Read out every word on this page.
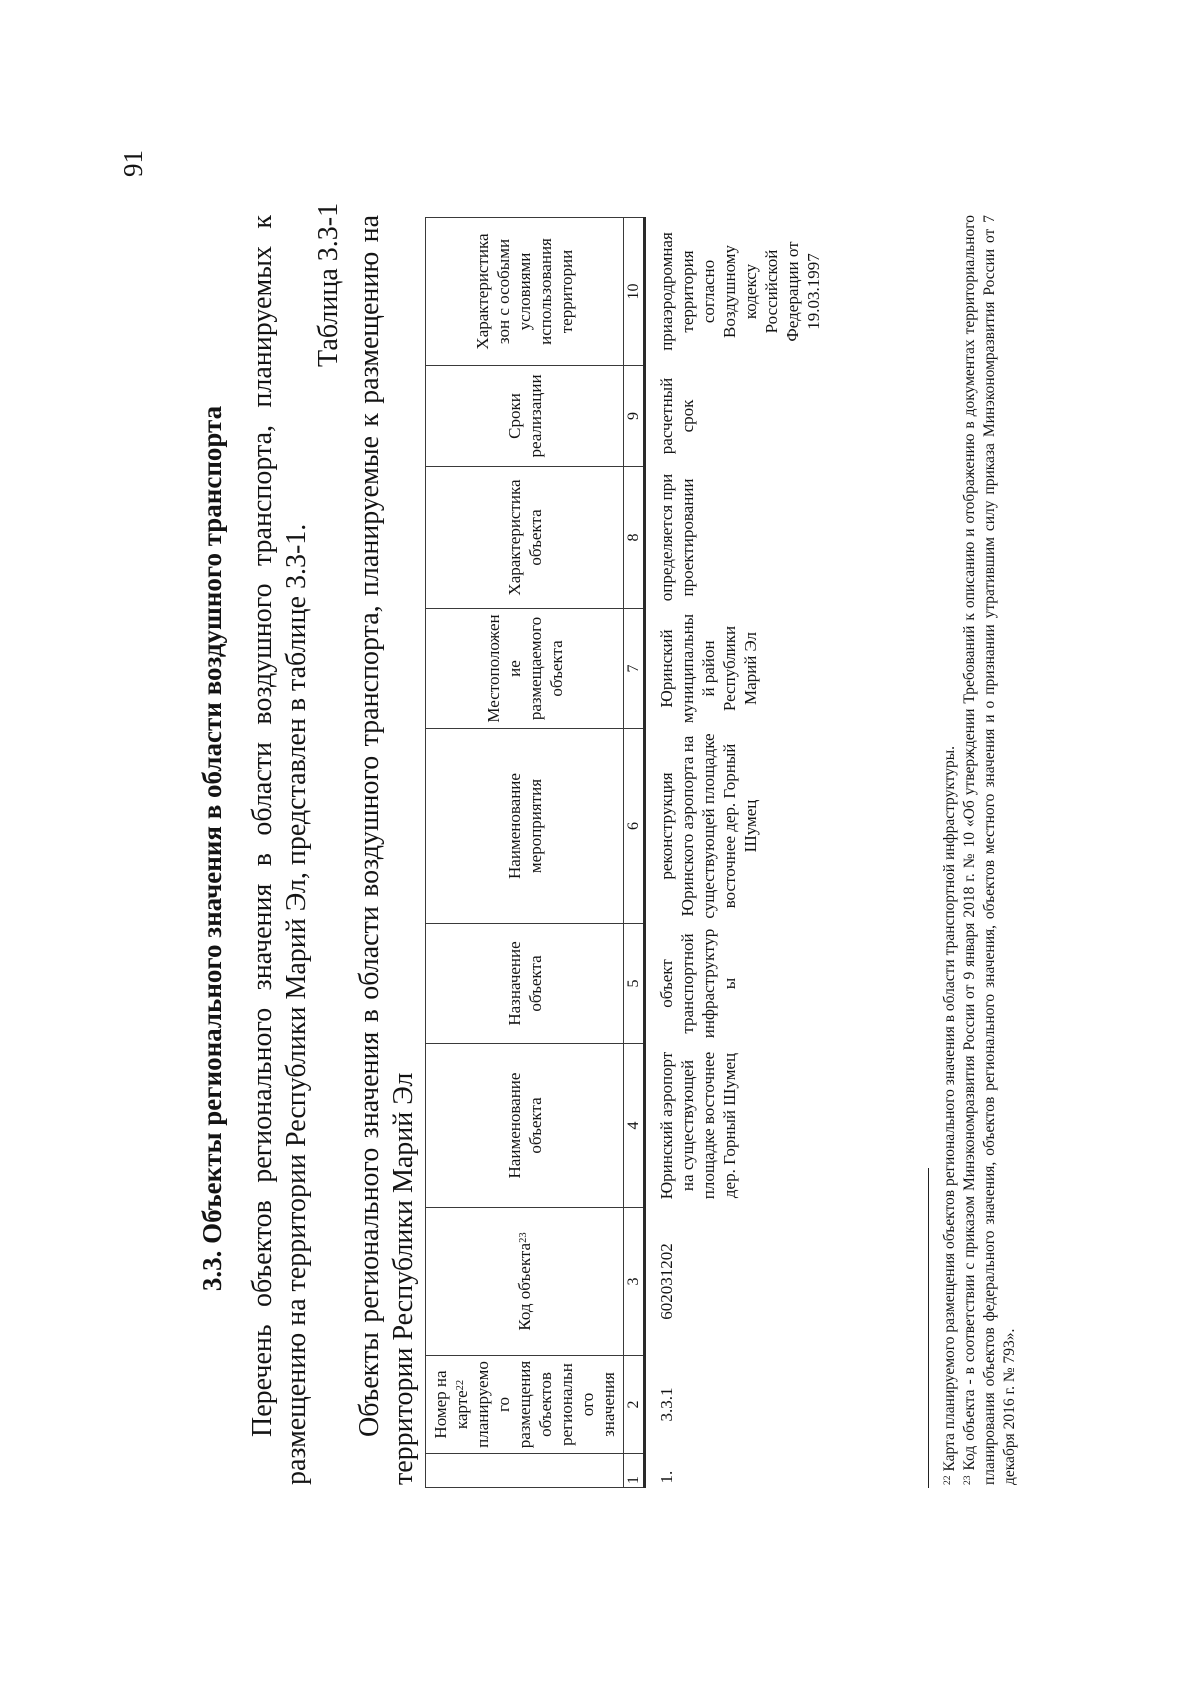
91
3.3. Объекты регионального значения в области воздушного транспорта Перечень объектов регионального значения в области воздушного транспорта, планируемых к размещению на территории Республики Марий Эл, представлен в таблице 3.3-1.

Таблица 3.3-1 Объекты регионального значения в области воздушного транспорта, планируемые к размещению на территории Республики Марий Эл

	Номер на карте$^{22}$ планируемого размещения объектов регионального значения	Код объекта$^{23}$	Наименование объекта	Назначение объекта	Наименование мероприятия	Местоположение размещаемого объекта	Характеристика объекта	Сроки реализации	Характеристика зон с особыми условиями использования территории
1	2	3	4	5	6	7	8	9	10
1.	3.3.1	602031202	Юринский аэропорт на существующей площадке восточнее дер. Горный Шумец	объект транспортной инфраструктуры	реконструкция Юринского аэропорта на существующей площадке восточнее дер. Горный Шумец	Юринский муниципальный район Республики Марий Эл	определяется при проектировании	расчетный срок	приаэродромная территория согласно Воздушному кодексу Российской Федерации от 19.03.1997

$^{22}$ Карта планируемого размещения объектов регионального значения в области транспортной инфраструктуры.

$^{23}$ Код объекта - в соответствии с приказом Минэкономразвития России от 9 января 2018 г. № 10 «Об утверждении Требований к описанию и отображению в документах территориального планирования объектов федерального значения, объектов регионального значения, объектов местного значения и о признании утратившим силу приказа Минэкономразвития России от 7 декабря 2016 г. № 793».
